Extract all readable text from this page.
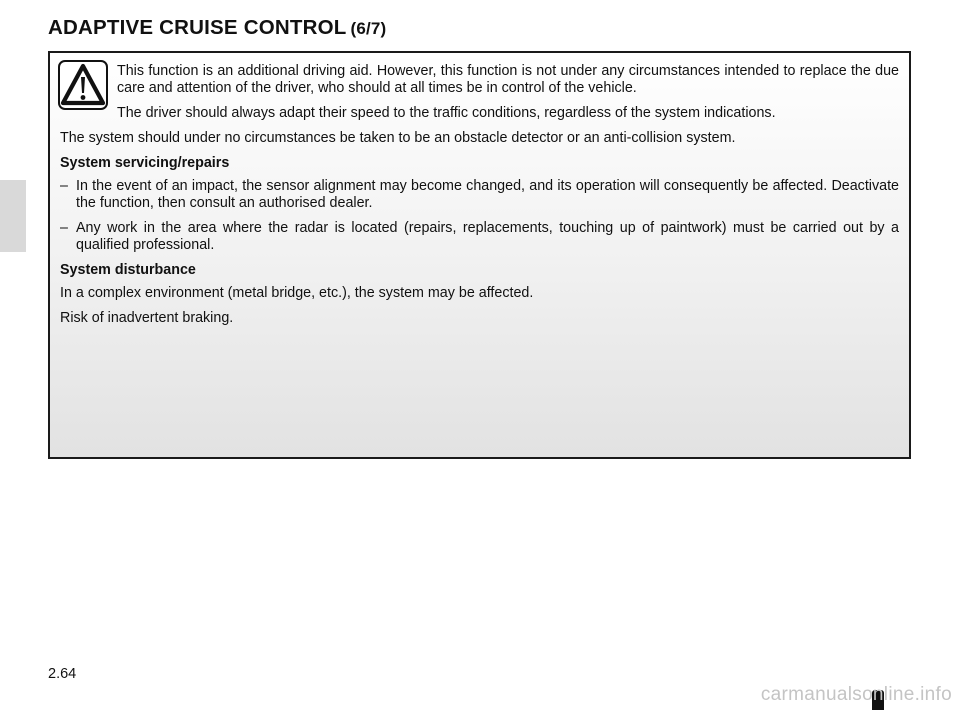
ADAPTIVE CRUISE CONTROL (6/7)

This function is an additional driving aid. However, this function is not under any circumstances intended to replace the due care and attention of the driver, who should at all times be in control of the vehicle.

The driver should always adapt their speed to the traffic conditions, regardless of the system indications.

The system should under no circumstances be taken to be an obstacle detector or an anti-collision system.

System servicing/repairs

– In the event of an impact, the sensor alignment may become changed, and its operation will consequently be affected. Deactivate the function, then consult an authorised dealer.
– Any work in the area where the radar is located (repairs, replacements, touching up of paintwork) must be carried out by a qualified professional.

System disturbance

In a complex environment (metal bridge, etc.), the system may be affected.

Risk of inadvertent braking.

2.64
carmanualsonline.info
